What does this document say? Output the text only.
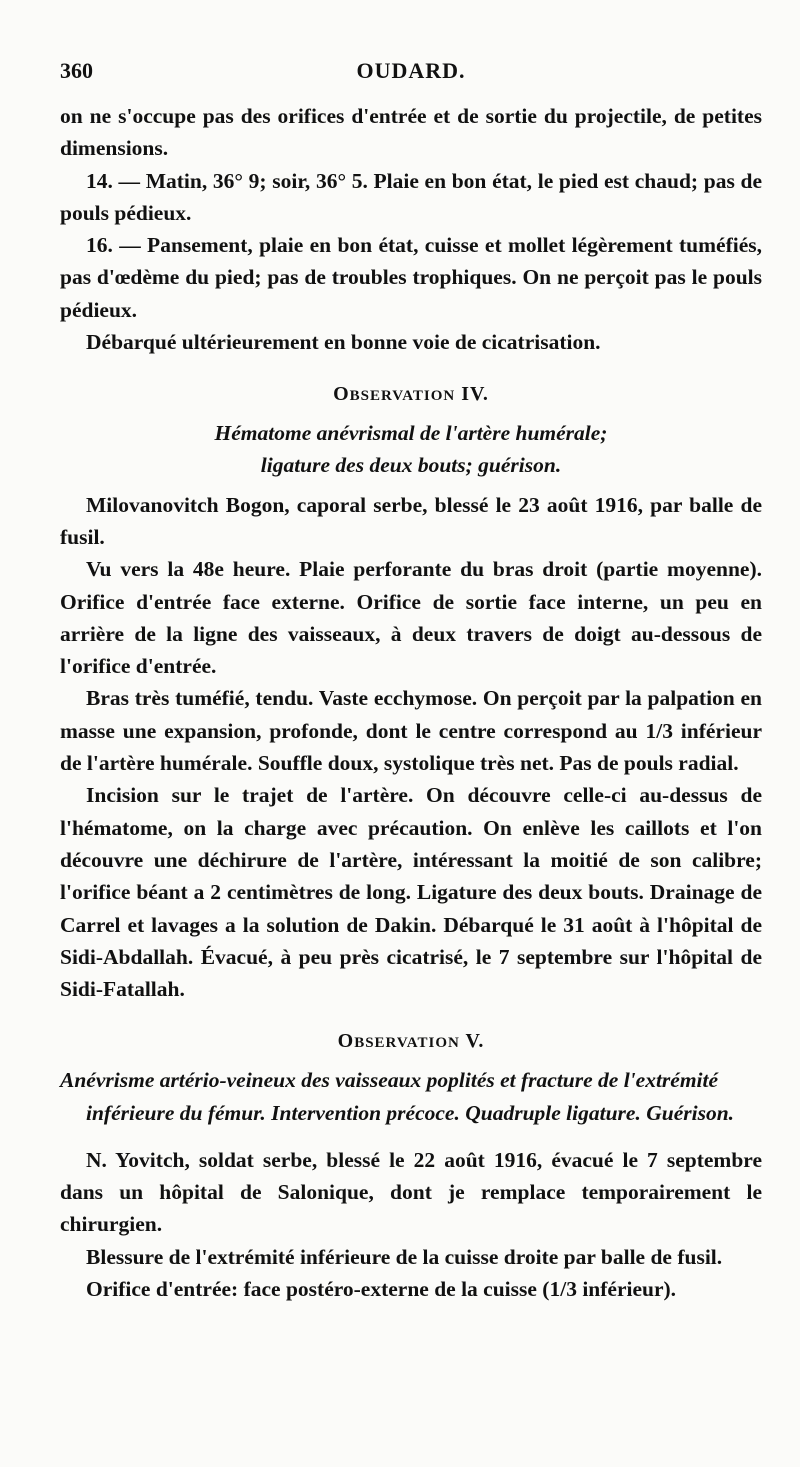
360	OUDARD.

on ne s'occupe pas des orifices d'entrée et de sortie du projectile, de petites dimensions.

14. — Matin, 36° 9; soir, 36° 5. Plaie en bon état, le pied est chaud; pas de pouls pédieux.

16. — Pansement, plaie en bon état, cuisse et mollet légèrement tuméfiés, pas d'œdème du pied; pas de troubles trophiques. On ne perçoit pas le pouls pédieux.

Débarqué ultérieurement en bonne voie de cicatrisation.

OBSERVATION IV.
Hématome anévrismal de l'artère humérale;
ligature des deux bouts; guérison.

Milovanovitch Bogon, caporal serbe, blessé le 23 août 1916, par balle de fusil.

Vu vers la 48e heure. Plaie perforante du bras droit (partie moyenne). Orifice d'entrée face externe. Orifice de sortie face interne, un peu en arrière de la ligne des vaisseaux, à deux travers de doigt au-dessous de l'orifice d'entrée.

Bras très tuméfié, tendu. Vaste ecchymose. On perçoit par la palpation en masse une expansion, profonde, dont le centre correspond au 1/3 inférieur de l'artère humérale. Souffle doux, systolique très net. Pas de pouls radial.

Incision sur le trajet de l'artère. On découvre celle-ci au-dessus de l'hématome, on la charge avec précaution. On enlève les caillots et l'on découvre une déchirure de l'artère, intéressant la moitié de son calibre; l'orifice béant a 2 centimètres de long. Ligature des deux bouts. Drainage de Carrel et lavages a la solution de Dakin. Débarqué le 31 août à l'hôpital de Sidi-Abdallah. Évacué, à peu près cicatrisé, le 7 septembre sur l'hôpital de Sidi-Fatallah.

OBSERVATION V.
Anévrisme artério-veineux des vaisseaux poplités et fracture de l'extrémité inférieure du fémur. Intervention précoce. Quadruple ligature. Guérison.

N. Yovitch, soldat serbe, blessé le 22 août 1916, évacué le 7 septembre dans un hôpital de Salonique, dont je remplace temporairement le chirurgien.

Blessure de l'extrémité inférieure de la cuisse droite par balle de fusil.

Orifice d'entrée: face postéro-externe de la cuisse (1/3 inférieur).
